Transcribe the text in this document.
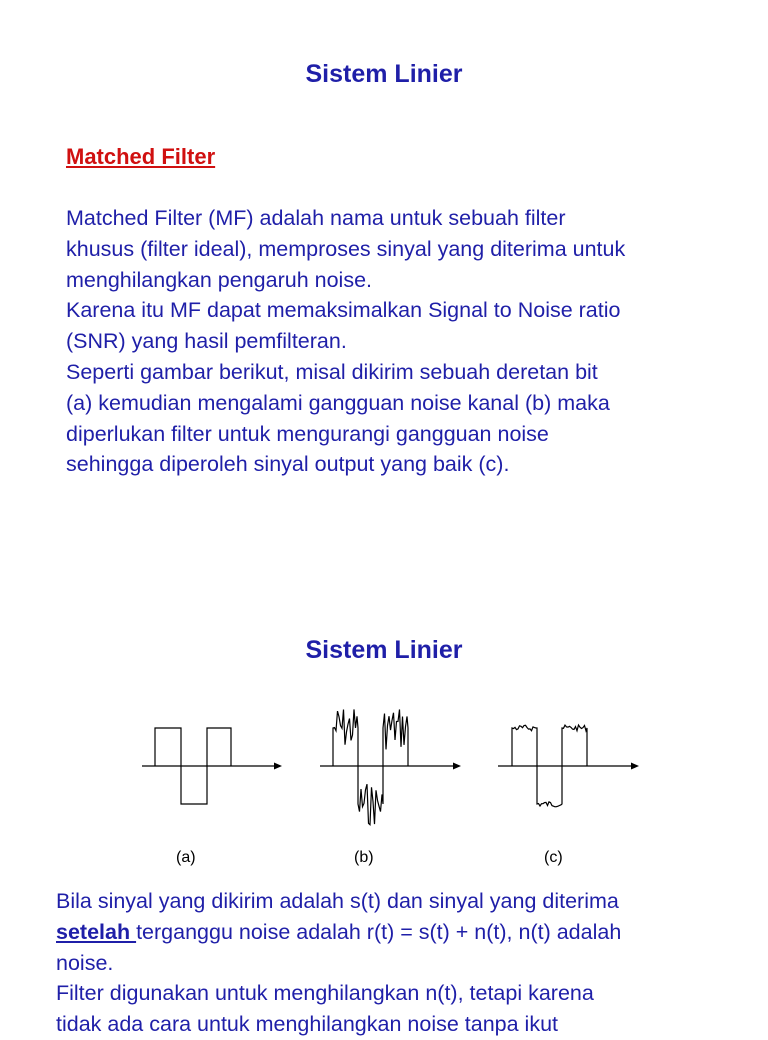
Sistem Linier
Matched Filter
Matched Filter (MF) adalah nama untuk sebuah filter
khusus (filter ideal), memproses sinyal yang diterima untuk
menghilangkan pengaruh noise.
Karena itu MF dapat memaksimalkan Signal to Noise ratio
(SNR) yang hasil pemfilteran.
Seperti gambar berikut, misal dikirim sebuah deretan bit
(a) kemudian mengalami gangguan noise kanal (b) maka
diperlukan filter untuk mengurangi gangguan noise
sehingga diperoleh sinyal output yang baik (c).
Sistem Linier
(a)	(b)	(c)
Bila sinyal yang dikirim adalah s(t) dan sinyal yang diterima
setelah terganggu noise adalah r(t) = s(t) + n(t), n(t) adalah
noise.
Filter digunakan untuk menghilangkan n(t), tetapi karena
tidak ada cara untuk menghilangkan noise tanpa ikut
